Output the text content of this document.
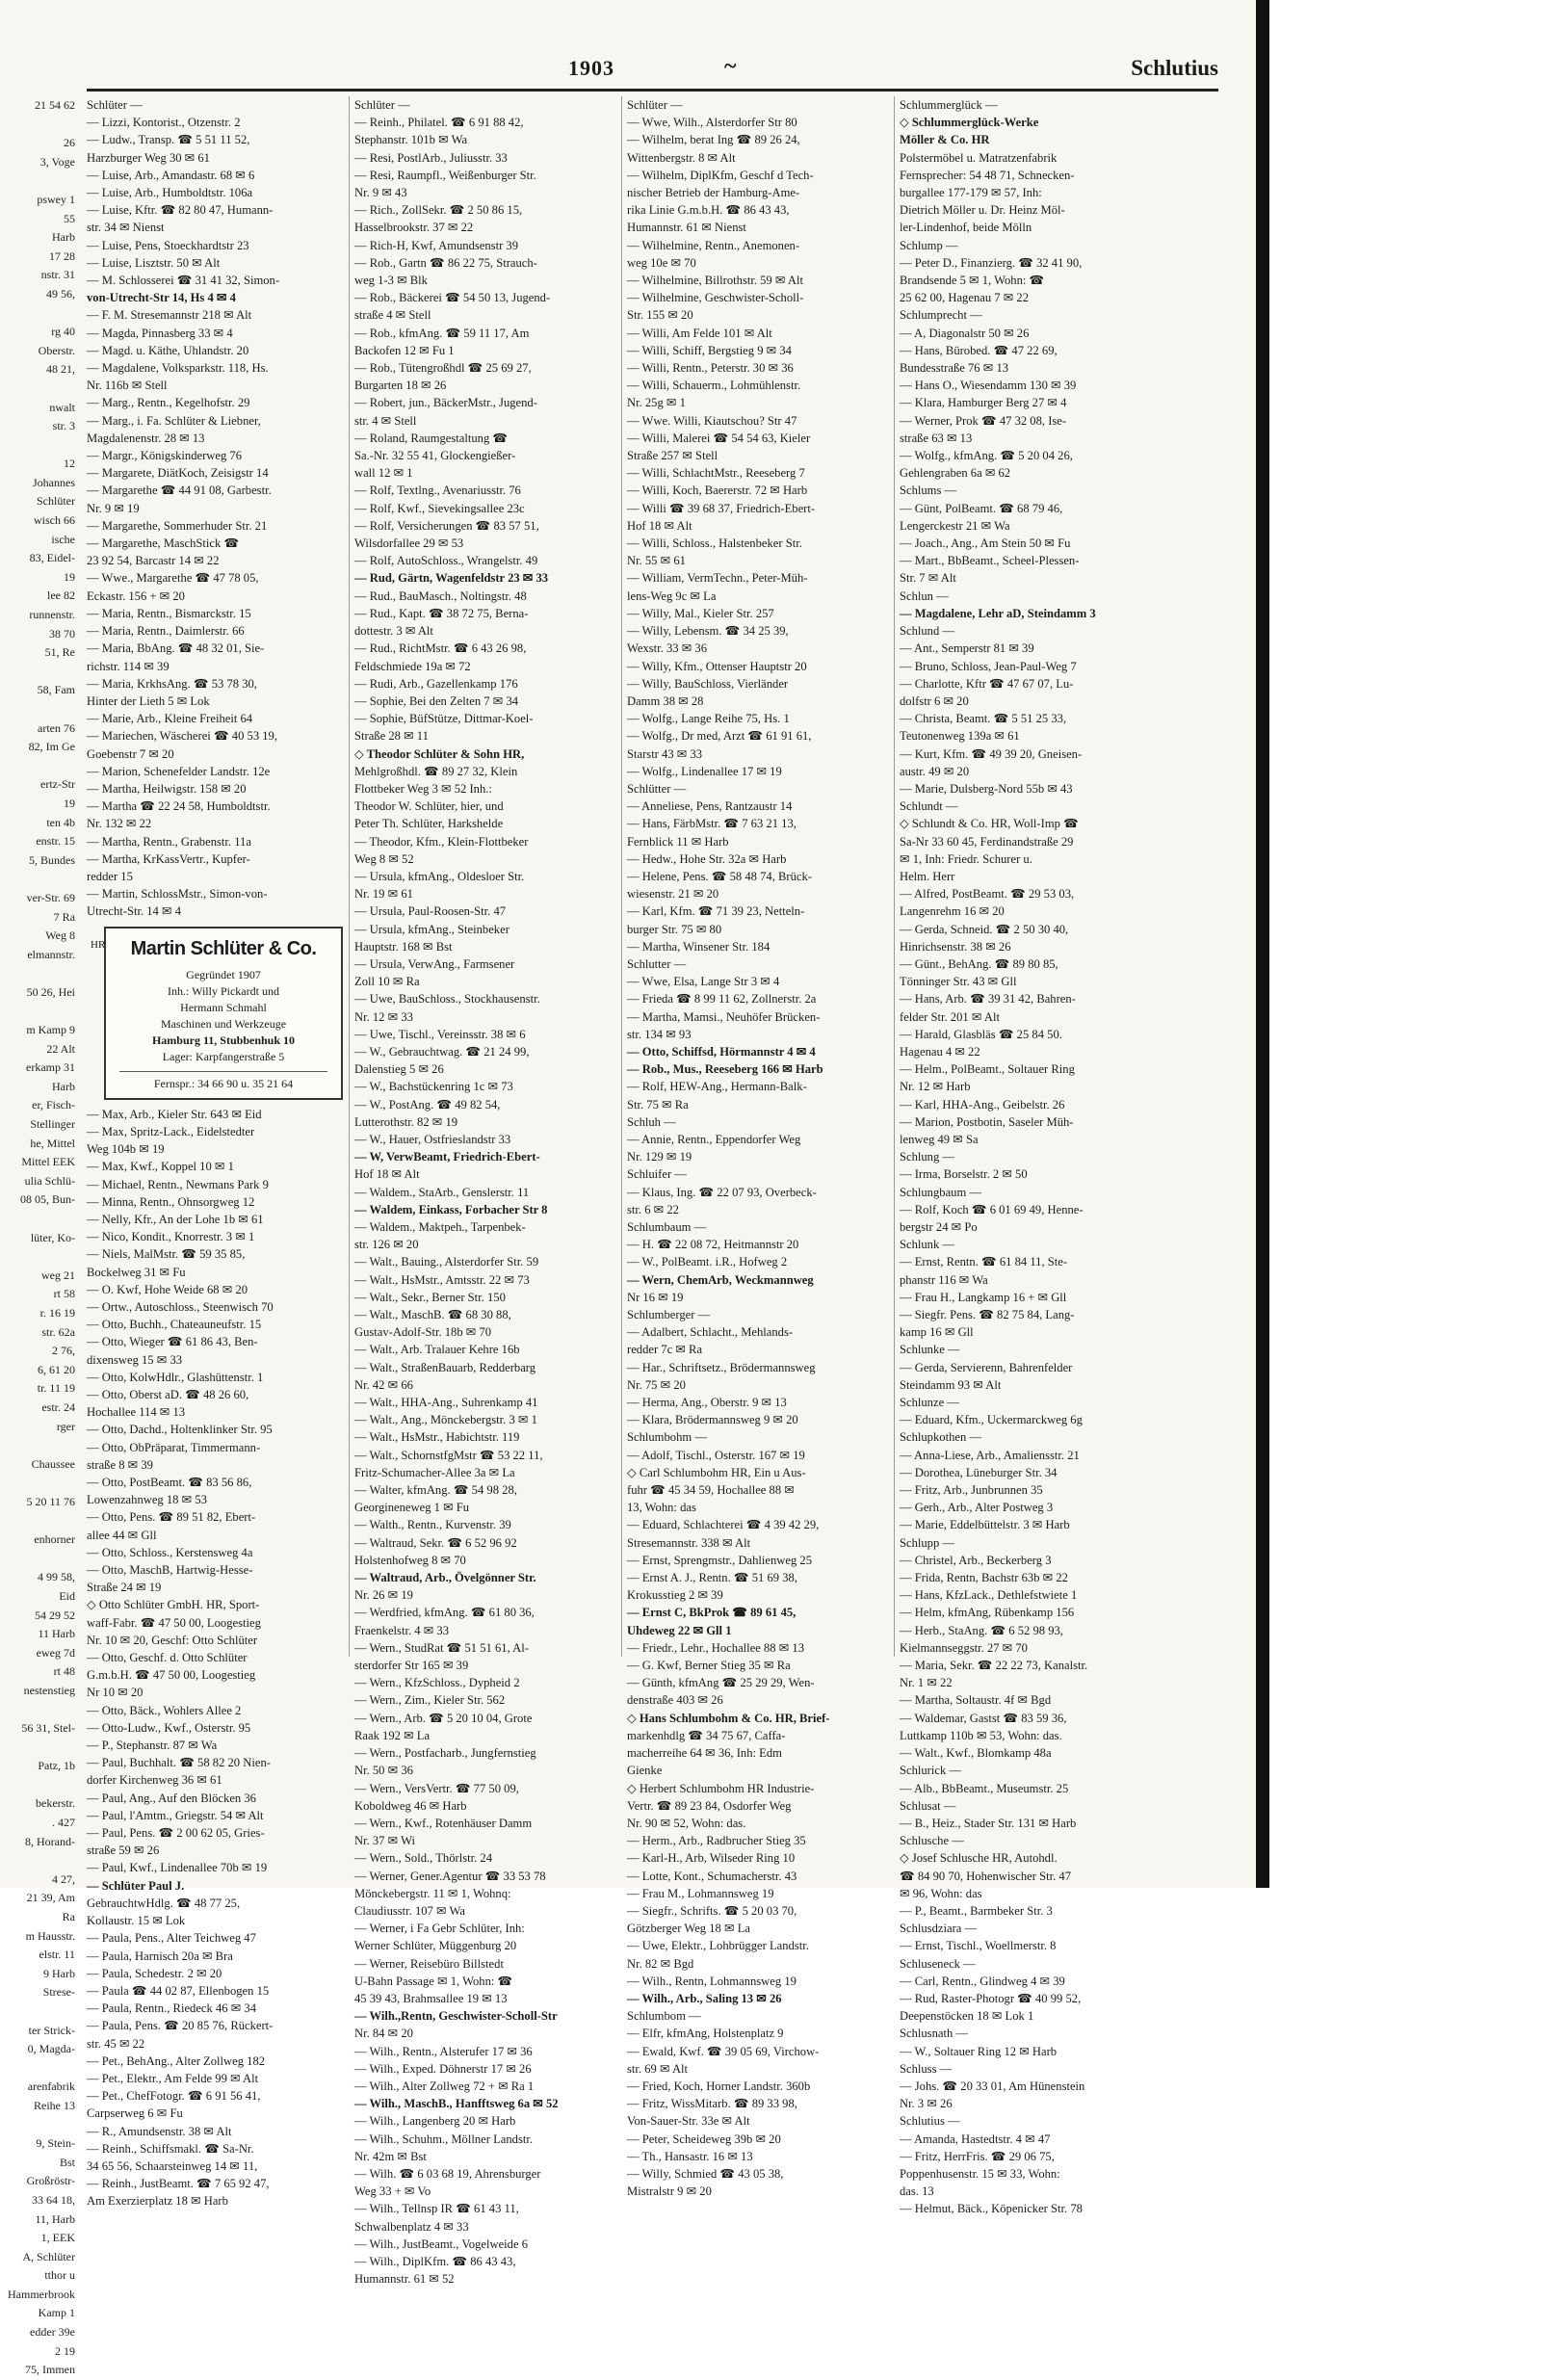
1903	~	Schlutius
21 54 62

26
3, Voge

pswey 1
55
Harb
17 28
nstr. 31
49 56,

rg 40
Oberstr.
48 21,

nwalt
str. 3

12
Johannes
Schlüter
wisch 66
ische
83, Eidel-
19
lee 82
runnenstr.
38 70
51, Re

58, Fam

arten 76
82, Im Ge

ertz-Str
19
ten 4b
enstr. 15
5, Bundes

ver-Str. 69
7 Ra
Weg 8
elmannstr.

50 26, Hei

m Kamp 9
22 Alt
erkamp 31
Harb
er, Fisch-
Stellinger
he, Mittel
Mittel EEK
ulia Schlü-
08 05, Bun-

lüter, Ko-

weg 21
rt 58
r. 16 19
str. 62a
2 76,
6, 61 20
tr. 11 19
estr. 24
rger

Chaussee

5 20 11 76

enhorner

4 99 58,
Eid
54 29 52
11 Harb
eweg 7d
rt 48
nestenstieg

56 31, Stel-

Patz, 1b

bekerstr.
. 427
8, Horand-

4 27,
21 39, Am
Ra
m Hausstr.
elstr. 11
9 Harb
Strese-

ter Strick-
0, Magda-

arenfabrik
Reihe 13

9, Stein-
Bst
Großröstr-
33 64 18,
11, Harb
1, EEK
A, Schlüter
tthor u
Hammerbrook
Kamp 1
edder 39e
2 19
75, Immen
Schlüter —
— Lizzi, Kontorist., Otzenstr. 2
— Ludw., Transp. ☎ 5 51 11 52,
Harzburger Weg 30 ✉ 61
— Luise, Arb., Amandastr. 68 ✉ 6
— Luise, Arb., Humboldtstr. 106a
— Luise, Kftr. ☎ 82 80 47, Humann-
str. 34 ✉ Nienst
— Luise, Pens, Stoeckhardtstr 23
— Luise, Lisztstr. 50 ✉ Alt
— M. Schlosserei ☎ 31 41 32, Simon-
von-Utrecht-Str 14, Hs 4 ✉ 4
— F. M. Stresemannstr 218 ✉ Alt
— Magda, Pinnasberg 33 ✉ 4
— Magd. u. Käthe, Uhlandstr. 20
— Magdalene, Volksparkstr. 118, Hs.
Nr. 116b ✉ Stell
— Marg., Rentn., Kegelhofstr. 29
— Marg., i. Fa. Schlüter & Liebner,
Magdalenenstr. 28 ✉ 13
— Margr., Königskinderweg 76
— Margarete, DiätKoch, Zeisigstr 14
— Margarethe ☎ 44 91 08, Garbestr.
Nr. 9 ✉ 19
— Margarethe, Sommerhuder Str. 21
— Margarethe, MaschStick ☎
23 92 54, Barcastr 14 ✉ 22
— Wwe., Margarethe ☎ 47 78 05,
Eckastr. 156 + ✉ 20
— Maria, Rentn., Bismarckstr. 15
— Maria, Rentn., Daimlerstr. 66
— Maria, BbAng. ☎ 48 32 01, Sie-
richstr. 114 ✉ 39
— Maria, KrkhsAng. ☎ 53 78 30,
Hinter der Lieth 5 ✉ Lok
— Marie, Arb., Kleine Freiheit 64
— Mariechen, Wäscherei ☎ 40 53 19,
Goebenstr 7 ✉ 20
— Marion, Schenefelder Landstr. 12e
— Martha, Heilwigstr. 158 ✉ 20
— Martha ☎ 22 24 58, Humboldtstr.
Nr. 132 ✉ 22
— Martha, Rentn., Grabenstr. 11a
— Martha, KrKassVertr., Kupfer-
redder 15
— Martin, SchlossMstr., Simon-von-
Utrecht-Str. 14 ✉ 4
HR	Martin Schlüter & Co.
Gegründet 1907
Inh.: Willy Pickardt und
Hermann Schmahl
Maschinen und Werkzeuge
Hamburg 11, Stubbenhuk 10
Lager: Karpfangerstraße 5
Fernspr.: 34 66 90 u. 35 21 64
— Max, Arb., Kieler Str. 643 ✉ Eid
— Max, Spritz-Lack., Eidelstedter
Weg 104b ✉ 19
— Max, Kwf., Koppel 10 ✉ 1
— Michael, Rentn., Newmans Park 9
— Minna, Rentn., Ohnsorgweg 12
— Nelly, Kfr., An der Lohe 1b ✉ 61
— Nico, Kondit., Knorrestr. 3 ✉ 1
— Niels, MalMstr. ☎ 59 35 85,
Bockelweg 31 ✉ Fu
— O. Kwf, Hohe Weide 68 ✉ 20
— Ortw., Autoschloss., Steenwisch 70
— Otto, Buchh., Chateauneufstr. 15
— Otto, Wieger ☎ 61 86 43, Ben-
dixensweg 15 ✉ 33
— Otto, KolwHdlr., Glashüttenstr. 1
— Otto, Oberst aD. ☎ 48 26 60,
Hochallee 114 ✉ 13
— Otto, Dachd., Holtenklinker Str. 95
— Otto, ObPräparat, Timmermann-
straße 8 ✉ 39
— Otto, PostBeamt. ☎ 83 56 86,
Lowenzahnweg 18 ✉ 53
— Otto, Pens. ☎ 89 51 82, Ebert-
allee 44 ✉ Gll
— Otto, Schloss., Kerstensweg 4a
— Otto, MaschB, Hartwig-Hesse-
Straße 24 ✉ 19
◇ Otto Schlüter GmbH. HR, Sport-
waff-Fabr. ☎ 47 50 00, Loogestieg
Nr. 10 ✉ 20, Geschf: Otto Schlüter
— Otto, Geschf. d. Otto Schlüter
G.m.b.H. ☎ 47 50 00, Loogestieg
Nr 10 ✉ 20
— Otto, Bäck., Wohlers Allee 2
— Otto-Ludw., Kwf., Osterstr. 95
— P., Stephanstr. 87 ✉ Wa
— Paul, Buchhalt. ☎ 58 82 20 Nien-
dorfer Kirchenweg 36 ✉ 61
— Paul, Ang., Auf den Blöcken 36
— Paul, l'Amtm., Griegstr. 54 ✉ Alt
— Paul, Pens. ☎ 2 00 62 05, Gries-
straße 59 ✉ 26
— Paul, Kwf., Lindenallee 70b ✉ 19
— Schlüter Paul J.
GebrauchtwHdlg. ☎ 48 77 25,
Kollaustr. 15 ✉ Lok
— Paula, Pens., Alter Teichweg 47
— Paula, Harnisch 20a ✉ Bra
— Paula, Schedestr. 2 ✉ 20
— Paula ☎ 44 02 87, Ellenbogen 15
— Paula, Rentn., Riedeck 46 ✉ 34
— Paula, Pens. ☎ 20 85 76, Rückert-
str. 45 ✉ 22
— Pet., BehAng., Alter Zollweg 182
— Pet., Elektr., Am Felde 99 ✉ Alt
— Pet., ChefFotogr. ☎ 6 91 56 41,
Carpserweg 6 ✉ Fu
— R., Amundsenstr. 38 ✉ Alt
— Reinh., Schiffsmakl. ☎ Sa-Nr.
34 65 56, Schaarsteinweg 14 ✉ 11,
— Reinh., JustBeamt. ☎ 7 65 92 47,
Am Exerzierplatz 18 ✉ Harb
Schlüter —
— Reinh., Philatel. ☎ 6 91 88 42,
Stephanstr. 101b ✉ Wa
— Resi, PostlArb., Juliusstr. 33
— Resi, Raumpfl., Weißenburger Str.
Nr. 9 ✉ 43
— Rich., ZollSekr. ☎ 2 50 86 15,
Hasselbrookstr. 37 ✉ 22
— Rich-H, Kwf, Amundsenstr 39
— Rob., Gartn ☎ 86 22 75, Strauch-
weg 1-3 ✉ Blk
— Rob., Bäckerei ☎ 54 50 13, Jugend-
straße 4 ✉ Stell
— Rob., kfmAng. ☎ 59 11 17, Am
Backofen 12 ✉ Fu 1
— Rob., Tütengroßhdl ☎ 25 69 27,
Burgarten 18 ✉ 26
— Robert, jun., BäckerMstr., Jugend-
str. 4 ✉ Stell
— Roland, Raumgestaltung ☎
Sa.-Nr. 32 55 41, Glockengießer-
wall 12 ✉ 1
— Rolf, Textlng., Avenariusstr. 76
— Rolf, Kwf., Sievekingsallee 23c
— Rolf, Versicherungen ☎ 83 57 51,
Wilsdorfallee 29 ✉ 53
— Rolf, AutoSchloss., Wrangelstr. 49
— Rud, Gärtn, Wagenfeldstr 23 ✉ 33
— Rud., BauMasch., Noltingstr. 48
— Rud., Kapt. ☎ 38 72 75, Berna-
dottestr. 3 ✉ Alt
— Rud., RichtMstr. ☎ 6 43 26 98,
Feldschmiede 19a ✉ 72
— Rudi, Arb., Gazellenkamp 176
— Sophie, Bei den Zelten 7 ✉ 34
— Sophie, BüfStütze, Dittmar-Koel-
Straße 28 ✉ 11
◇ Theodor Schlüter & Sohn HR,
Mehlgroßhdl. ☎ 89 27 32, Klein
Flottbeker Weg 3 ✉ 52 Inh.:
Theodor W. Schlüter, hier, und
Peter Th. Schlüter, Harkshelde
— Theodor, Kfm., Klein-Flottbeker
Weg 8 ✉ 52
— Ursula, kfmAng., Oldesloer Str.
Nr. 19 ✉ 61
— Ursula, Paul-Roosen-Str. 47
— Ursula, kfmAng., Steinbeker
Hauptstr. 168 ✉ Bst
— Ursula, VerwAng., Farmsener
Zoll 10 ✉ Ra
— Uwe, BauSchloss., Stockhausenstr.
Nr. 12 ✉ 33
— Uwe, Tischl., Vereinsstr. 38 ✉ 6
— W., Gebrauchtwag. ☎ 21 24 99,
Dalenstieg 5 ✉ 26
— W., Bachstückenring 1c ✉ 73
— W., PostAng. ☎ 49 82 54,
Lutterothstr. 82 ✉ 19
— W., Hauer, Ostfrieslandstr 33
— W, VerwBeamt, Friedrich-Ebert-
Hof 18 ✉ Alt
— Waldem., StaArb., Genslerstr. 11
— Waldem, Einkass, Forbacher Str 8
— Waldem., Maktpeh., Tarpenbek-
str. 126 ✉ 20
— Walt., Bauing., Alsterdorfer Str. 59
— Walt., HsMstr., Amtsstr. 22 ✉ 73
— Walt., Sekr., Berner Str. 150
— Walt., MaschB. ☎ 68 30 88,
Gustav-Adolf-Str. 18b ✉ 70
— Walt., Arb. Tralauer Kehre 16b
— Walt., StraßenBauarb, Redderbarg
Nr. 42 ✉ 66
— Walt., HHA-Ang., Suhrenkamp 41
— Walt., Ang., Mönckebergstr. 3 ✉ 1
— Walt., HsMstr., Habichtstr. 119
— Walt., SchornstfgMstr ☎ 53 22 11,
Fritz-Schumacher-Allee 3a ✉ La
— Walter, kfmAng. ☎ 54 98 28,
Georgineneweg 1 ✉ Fu
— Walth., Rentn., Kurvenstr. 39
— Waltraud, Sekr. ☎ 6 52 96 92
Holstenhofweg 8 ✉ 70
— Waltraud, Arb., Övelgönner Str.
Nr. 26 ✉ 19
— Werdfried, kfmAng. ☎ 61 80 36,
Fraenkelstr. 4 ✉ 33
— Wern., StudRat ☎ 51 51 61, Al-
sterdorfer Str 165 ✉ 39
— Wern., KfzSchloss., Dypheid 2
— Wern., Zim., Kieler Str. 562
— Wern., Arb. ☎ 5 20 10 04, Grote
Raak 192 ✉ La
— Wern., Postfacharb., Jungfernstieg
Nr. 50 ✉ 36
— Wern., VersVertr. ☎ 77 50 09,
Koboldweg 46 ✉ Harb
— Wern., Kwf., Rotenhäuser Damm
Nr. 37 ✉ Wi
— Wern., Sold., Thörlstr. 24
— Werner, Gener.Agentur ☎ 33 53 78
Mönckebergstr. 11 ✉ 1, Wohnq:
Claudiusstr. 107 ✉ Wa
— Werner, i Fa Gebr Schlüter, Inh:
Werner Schlüter, Müggenburg 20
— Werner, Reisebüro Billstedt
U-Bahn Passage ✉ 1, Wohn: ☎
45 39 43, Brahmsallee 19 ✉ 13
— Wilh.,Rentn, Geschwister-Scholl-Str
Nr. 84 ✉ 20
— Wilh., Rentn., Alsterufer 17 ✉ 36
— Wilh., Exped. Döhnerstr 17 ✉ 26
— Wilh., Alter Zollweg 72 + ✉ Ra 1
— Wilh., MaschB., Hanfftsweg 6a ✉ 52
— Wilh., Langenberg 20 ✉ Harb
— Wilh., Schuhm., Möllner Landstr.
Nr. 42m ✉ Bst
— Wilh. ☎ 6 03 68 19, Ahrensburger
Weg 33 + ✉ Vo
— Wilh., Tellnsp IR ☎ 61 43 11,
Schwalbenplatz 4 ✉ 33
— Wilh., JustBeamt., Vogelweide 6
— Wilh., DiplKfm. ☎ 86 43 43,
Humannstr. 61 ✉ 52
Schlüter —
— Wwe, Wilh., Alsterdorfer Str 80
— Wilhelm, berat Ing ☎ 89 26 24,
Wittenbergstr. 8 ✉ Alt
— Wilhelm, DiplKfm, Geschf d Tech-
nischer Betrieb der Hamburg-Ame-
rika Linie G.m.b.H. ☎ 86 43 43,
Humannstr. 61 ✉ Nienst
— Wilhelmine, Rentn., Anemonen-
weg 10e ✉ 70
— Wilhelmine, Billrothstr. 59 ✉ Alt
— Wilhelmine, Geschwister-Scholl-
Str. 155 ✉ 20
— Willi, Am Felde 101 ✉ Alt
— Willi, Schiff, Bergstieg 9 ✉ 34
— Willi, Rentn., Peterstr. 30 ✉ 36
— Willi, Schauerm., Lohmühlenstr.
Nr. 25g ✉ 1
— Wwe. Willi, Kiautschou? Str 47
— Willi, Malerei ☎ 54 54 63, Kieler
Straße 257 ✉ Stell
— Willi, SchlachtMstr., Reeseberg 7
— Willi, Koch, Baererstr. 72 ✉ Harb
— Willi ☎ 39 68 37, Friedrich-Ebert-
Hof 18 ✉ Alt
— Willi, Schloss., Halstenbeker Str.
Nr. 55 ✉ 61
— William, VermTechn., Peter-Müh-
lens-Weg 9c ✉ La
— Willy, Mal., Kieler Str. 257
— Willy, Lebensm. ☎ 34 25 39,
Wexstr. 33 ✉ 36
— Willy, Kfm., Ottenser Hauptstr 20
— Willy, BauSchloss, Vierländer
Damm 38 ✉ 28
— Wolfg., Lange Reihe 75, Hs. 1
— Wolfg., Dr med, Arzt ☎ 61 91 61,
Starstr 43 ✉ 33
— Wolfg., Lindenallee 17 ✉ 19
Schlütter —
— Anneliese, Pens, Rantzaustr 14
— Hans, FärbMstr. ☎ 7 63 21 13,
Fernblick 11 ✉ Harb
— Hedw., Hohe Str. 32a ✉ Harb
— Helene, Pens. ☎ 58 48 74, Brück-
wiesenstr. 21 ✉ 20
— Karl, Kfm. ☎ 71 39 23, Netteln-
burger Str. 75 ✉ 80
— Martha, Winsener Str. 184
Schlutter —
— Wwe, Elsa, Lange Str 3 ✉ 4
— Frieda ☎ 8 99 11 62, Zollnerstr. 2a
— Martha, Mamsi., Neuhöfer Brücken-
str. 134 ✉ 93
— Otto, Schiffsd, Hörmannstr 4 ✉ 4
— Rob., Mus., Reeseberg 166 ✉ Harb
— Rolf, HEW-Ang., Hermann-Balk-
Str. 75 ✉ Ra
Schluh —
— Annie, Rentn., Eppendorfer Weg
Nr. 129 ✉ 19
Schluifer —
— Klaus, Ing. ☎ 22 07 93, Overbeck-
str. 6 ✉ 22
Schlumbaum —
— H. ☎ 22 08 72, Heitmannstr 20
— W., PolBeamt. i.R., Hofweg 2
— Wern, ChemArb, Weckmannweg
Nr 16 ✉ 19
Schlumberger —
— Adalbert, Schlacht., Mehlands-
redder 7c ✉ Ra
— Har., Schriftsetz., Brödermannsweg
Nr. 75 ✉ 20
— Herma, Ang., Oberstr. 9 ✉ 13
— Klara, Brödermannsweg 9 ✉ 20
Schlumbohm —
— Adolf, Tischl., Osterstr. 167 ✉ 19
◇ Carl Schlumbohm HR, Ein u Aus-
fuhr ☎ 45 34 59, Hochallee 88 ✉
13, Wohn: das
— Eduard, Schlachterei ☎ 4 39 42 29,
Stresemannstr. 338 ✉ Alt
— Ernst, Sprengmstr., Dahlienweg 25
— Ernst A. J., Rentn. ☎ 51 69 38,
Krokusstieg 2 ✉ 39
— Ernst C, BkProk ☎ 89 61 45,
Uhdeweg 22 ✉ Gll 1
— Friedr., Lehr., Hochallee 88 ✉ 13
— G. Kwf, Berner Stieg 35 ✉ Ra
— Günth, kfmAng ☎ 25 29 29, Wen-
denstraße 403 ✉ 26
◇ Hans Schlumbohm & Co. HR, Brief-
markenhdlg ☎ 34 75 67, Caffa-
macherreihe 64 ✉ 36, Inh: Edm
Gienke
◇ Herbert Schlumbohm HR Industrie-
Vertr. ☎ 89 23 84, Osdorfer Weg
Nr. 90 ✉ 52, Wohn: das.
— Herm., Arb., Radbrucher Stieg 35
— Karl-H., Arb, Wilseder Ring 10
— Lotte, Kont., Schumacherstr. 43
— Frau M., Lohmannsweg 19
— Siegfr., Schrifts. ☎ 5 20 03 70,
Götzberger Weg 18 ✉ La
— Uwe, Elektr., Lohbrügger Landstr.
Nr. 82 ✉ Bgd
— Wilh., Rentn, Lohmannsweg 19
— Wilh., Arb., Saling 13 ✉ 26
Schlumbom —
— Elfr, kfmAng, Holstenplatz 9
— Ewald, Kwf. ☎ 39 05 69, Virchow-
str. 69 ✉ Alt
— Fried, Koch, Horner Landstr. 360b
— Fritz, WissMitarb. ☎ 89 33 98,
Von-Sauer-Str. 33e ✉ Alt
— Peter, Scheideweg 39b ✉ 20
— Th., Hansastr. 16 ✉ 13
— Willy, Schmied ☎ 43 05 38,
Mistralstr 9 ✉ 20
Schlummerglück —
◇ Schlummerglück-Werke
Möller & Co. HR
Polstermöbel u. Matratzenfabrik
Fernsprecher: 54 48 71, Schnecken-
burgallee 177-179 ✉ 57, Inh:
Dietrich Möller u. Dr. Heinz Möl-
ler-Lindenhof, beide Mölln
Schlump —
— Peter D., Finanzierg. ☎ 32 41 90,
Brandsende 5 ✉ 1, Wohn: ☎
25 62 00, Hagenau 7 ✉ 22
Schlumprecht —
— A, Diagonalstr 50 ✉ 26
— Hans, Bürobed. ☎ 47 22 69,
Bundesstraße 76 ✉ 13
— Hans O., Wiesendamm 130 ✉ 39
— Klara, Hamburger Berg 27 ✉ 4
— Werner, Prok ☎ 47 32 08, Ise-
straße 63 ✉ 13
— Wolfg., kfmAng. ☎ 5 20 04 26,
Gehlengraben 6a ✉ 62
Schlums —
— Günt, PolBeamt. ☎ 68 79 46,
Lengerckestr 21 ✉ Wa
— Joach., Ang., Am Stein 50 ✉ Fu
— Mart., BbBeamt., Scheel-Plessen-
Str. 7 ✉ Alt
Schlun —
— Magdalene, Lehr aD, Steindamm 3
Schlund —
— Ant., Semperstr 81 ✉ 39
— Bruno, Schloss, Jean-Paul-Weg 7
— Charlotte, Kftr ☎ 47 67 07, Lu-
dolfstr 6 ✉ 20
— Christa, Beamt. ☎ 5 51 25 33,
Teutonenweg 139a ✉ 61
— Kurt, Kfm. ☎ 49 39 20, Gneisen-
austr. 49 ✉ 20
— Marie, Dulsberg-Nord 55b ✉ 43
Schlundt —
◇ Schlundt & Co. HR, Woll-Imp ☎
Sa-Nr 33 60 45, Ferdinandstraße 29
✉ 1, Inh: Friedr. Schurer u.
Helm. Herr
— Alfred, PostBeamt. ☎ 29 53 03,
Langenrehm 16 ✉ 20
— Gerda, Schneid. ☎ 2 50 30 40,
Hinrichsenstr. 38 ✉ 26
— Günt., BehAng. ☎ 89 80 85,
Tönninger Str. 43 ✉ Gll
— Hans, Arb. ☎ 39 31 42, Bahren-
felder Str. 201 ✉ Alt
— Harald, Glasbläs ☎ 25 84 50.
Hagenau 4 ✉ 22
— Helm., PolBeamt., Soltauer Ring
Nr. 12 ✉ Harb
— Karl, HHA-Ang., Geibelstr. 26
— Marion, Postbotin, Saseler Müh-
lenweg 49 ✉ Sa
Schlung —
— Irma, Borselstr. 2 ✉ 50
Schlungbaum —
— Rolf, Koch ☎ 6 01 69 49, Henne-
bergstr 24 ✉ Po
Schlunk —
— Ernst, Rentn. ☎ 61 84 11, Ste-
phanstr 116 ✉ Wa
— Frau H., Langkamp 16 + ✉ Gll
— Siegfr. Pens. ☎ 82 75 84, Lang-
kamp 16 ✉ Gll
Schlunke —
— Gerda, Servierenn, Bahrenfelder
Steindamm 93 ✉ Alt
Schlunze —
— Eduard, Kfm., Uckermarckweg 6g
Schlupkothen —
— Anna-Liese, Arb., Amaliensstr. 21
— Dorothea, Lüneburger Str. 34
— Fritz, Arb., Junbrunnen 35
— Gerh., Arb., Alter Postweg 3
— Marie, Eddelbüttelstr. 3 ✉ Harb
Schlupp —
— Christel, Arb., Beckerberg 3
— Frida, Rentn, Bachstr 63b ✉ 22
— Hans, KfzLack., Dethlefstwiete 1
— Helm, kfmAng, Rübenkamp 156
— Herb., StaAng. ☎ 6 52 98 93,
Kielmannseggstr. 27 ✉ 70
— Maria, Sekr. ☎ 22 22 73, Kanalstr.
Nr. 1 ✉ 22
— Martha, Soltaustr. 4f ✉ Bgd
— Waldemar, Gastst ☎ 83 59 36,
Luttkamp 110b ✉ 53, Wohn: das.
— Walt., Kwf., Blomkamp 48a
Schlurick —
— Alb., BbBeamt., Museumstr. 25
Schlusat —
— B., Heiz., Stader Str. 131 ✉ Harb
Schlusche —
◇ Josef Schlusche HR, Autohdl.
☎ 84 90 70, Hohenwischer Str. 47
✉ 96, Wohn: das
— P., Beamt., Barmbeker Str. 3
Schlusdziara —
— Ernst, Tischl., Woellmerstr. 8
Schluseneck —
— Carl, Rentn., Glindweg 4 ✉ 39
— Rud, Raster-Photogr ☎ 40 99 52,
Deepenstöcken 18 ✉ Lok 1
Schlusnath —
— W., Soltauer Ring 12 ✉ Harb
Schluss —
— Johs. ☎ 20 33 01, Am Hünenstein
Nr. 3 ✉ 26
Schlutius —
— Amanda, Hastedtstr. 4 ✉ 47
— Fritz, HerrFris. ☎ 29 06 75,
Poppenhusenstr. 15 ✉ 33, Wohn:
das. 13
— Helmut, Bäck., Köpenicker Str. 78
